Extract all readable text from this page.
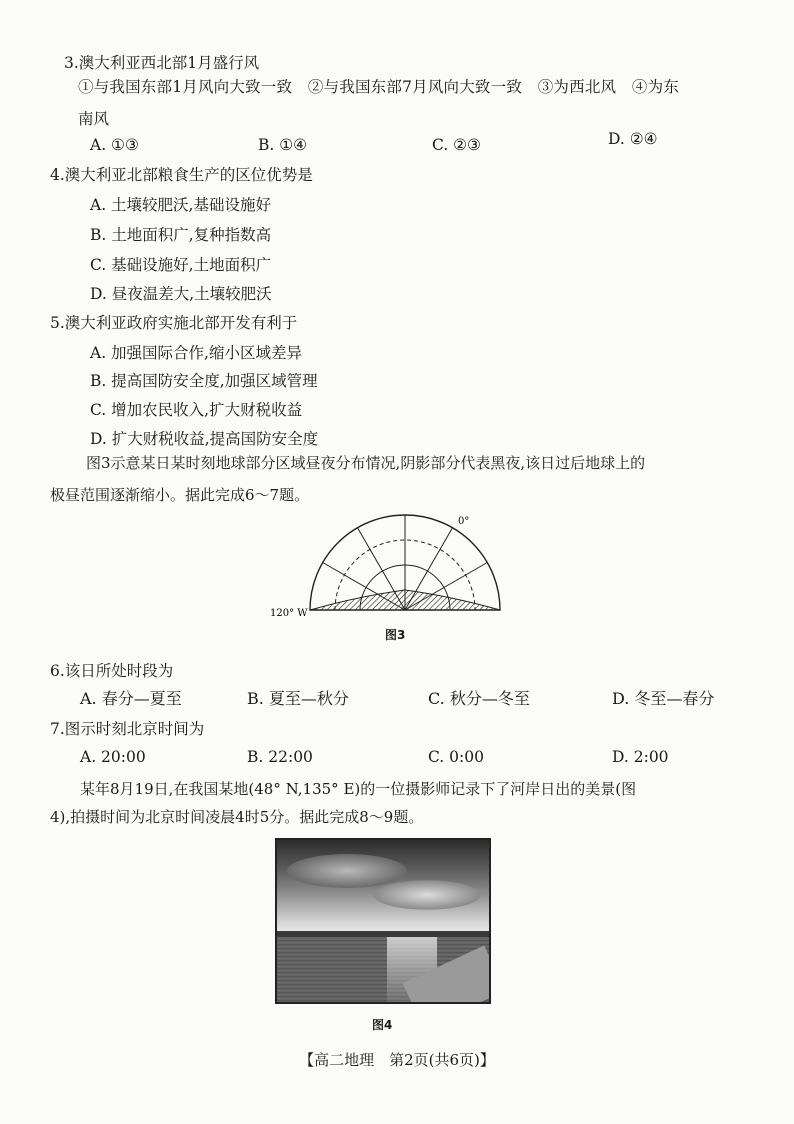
3.澳大利亚西北部1月盛行风
①与我国东部1月风向大致一致　②与我国东部7月风向大致一致　③为西北风　④为东
南风
A. ①③	B. ①④	C. ②③	D. ②④
4.澳大利亚北部粮食生产的区位优势是
A. 土壤较肥沃,基础设施好
B. 土地面积广,复种指数高
C. 基础设施好,土地面积广
D. 昼夜温差大,土壤较肥沃
5.澳大利亚政府实施北部开发有利于
A. 加强国际合作,缩小区域差异
B. 提高国防安全度,加强区域管理
C. 增加农民收入,扩大财税收益
D. 扩大财税收益,提高国防安全度
图3示意某日某时刻地球部分区域昼夜分布情况,阴影部分代表黑夜,该日过后地球上的
极昼范围逐渐缩小。据此完成6～7题。
0°
120° W
图3
6.该日所处时段为
A. 春分—夏至	B. 夏至—秋分	C. 秋分—冬至	D. 冬至—春分
7.图示时刻北京时间为
A. 20:00	B. 22:00	C. 0:00	D. 2:00
某年8月19日,在我国某地(48° N,135° E)的一位摄影师记录下了河岸日出的美景(图
4),拍摄时间为北京时间凌晨4时5分。据此完成8～9题。
图4
【高二地理　第2页(共6页)】
